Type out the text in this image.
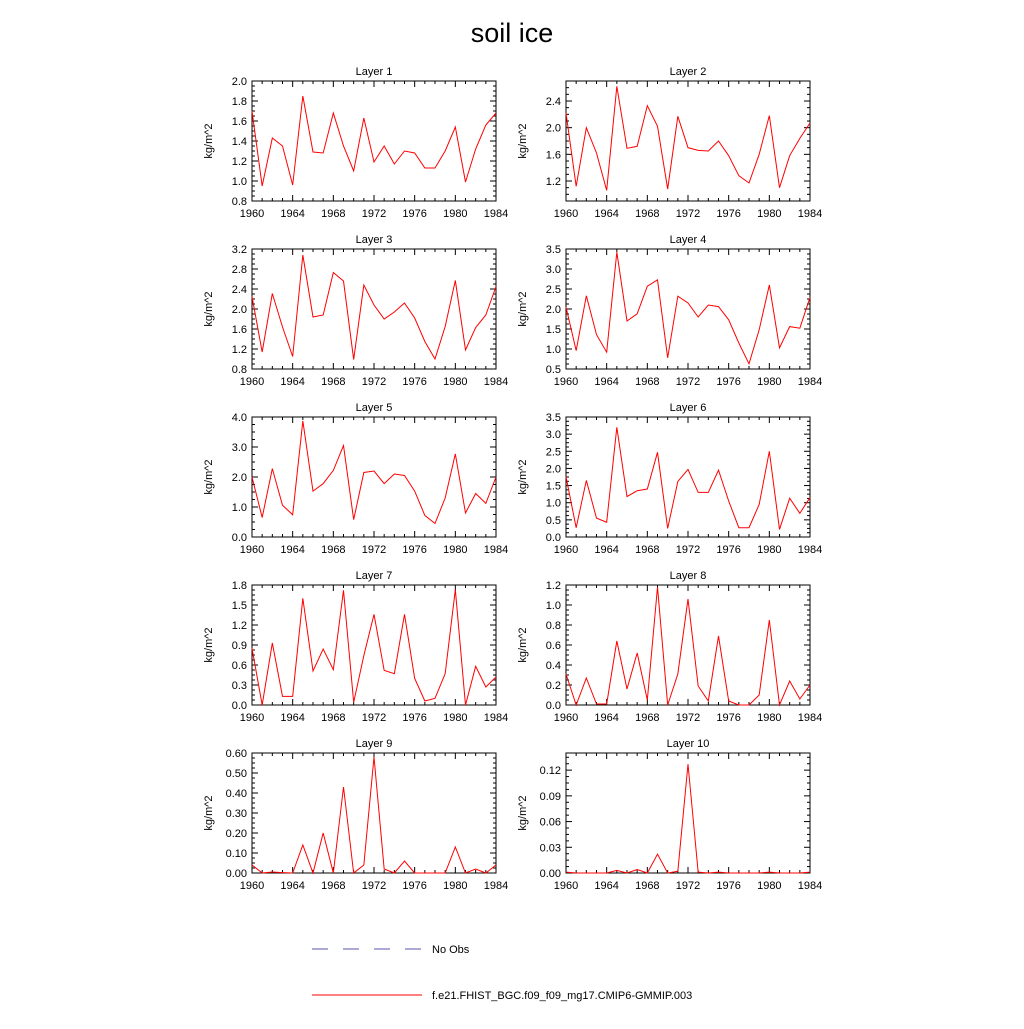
soil ice
Layer 1
kg/m^2
1960 1964 1968 1972 1976 1980 1984
0.8
1.0
1.2
1.4
1.6
1.8
2.0
Layer 2
kg/m^2
1960 1964 1968 1972 1976 1980 1984
1.2
1.6
2.0
2.4
Layer 3
kg/m^2
1960 1964 1968 1972 1976 1980 1984
0.8
1.2
1.6
2.0
2.4
2.8
3.2
Layer 4
kg/m^2
1960 1964 1968 1972 1976 1980 1984
0.5
1.0
1.5
2.0
2.5
3.0
3.5
Layer 5
kg/m^2
1960 1964 1968 1972 1976 1980 1984
0.0
1.0
2.0
3.0
4.0
Layer 6
kg/m^2
1960 1964 1968 1972 1976 1980 1984
0.0
0.5
1.0
1.5
2.0
2.5
3.0
3.5
Layer 7
kg/m^2
1960 1964 1968 1972 1976 1980 1984
0.0
0.3
0.6
0.9
1.2
1.5
1.8
Layer 8
kg/m^2
1960 1964 1968 1972 1976 1980 1984
0.0
0.2
0.4
0.6
0.8
1.0
1.2
Layer 9
kg/m^2
1960 1964 1968 1972 1976 1980 1984
0.00
0.10
0.20
0.30
0.40
0.50
0.60
Layer 10
kg/m^2
1960 1964 1968 1972 1976 1980 1984
0.00
0.03
0.06
0.09
0.12
No Obs
f.e21.FHIST_BGC.f09_f09_mg17.CMIP6-GMMIP.003
